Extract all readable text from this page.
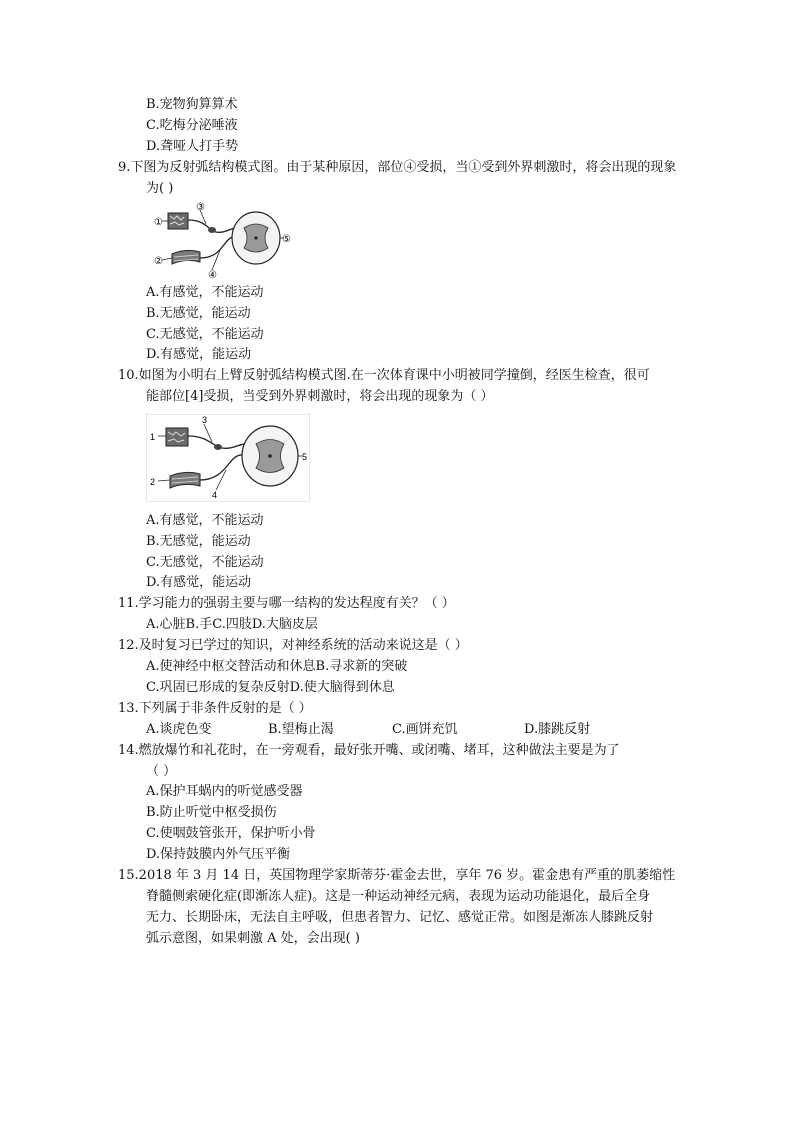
B.宠物狗算算术
C.吃梅分泌唾液
D.聋哑人打手势
9.下图为反射弧结构模式图。由于某种原因，部位④受损，当①受到外界刺激时，将会出现的现象
为( )
①
②
③
④
⑤
A.有感觉，不能运动
B.无感觉，能运动
C.无感觉，不能运动
D.有感觉，能运动
10.如图为小明右上臂反射弧结构模式图.在一次体育课中小明被同学撞倒，经医生检查，很可
能部位[4]受损，当受到外界刺激时，将会出现的现象为（ ）
1
2
3
4
5
A.有感觉，不能运动
B.无感觉，能运动
C.无感觉，不能运动
D.有感觉，能运动
11.学习能力的强弱主要与哪一结构的发达程度有关？（ ）
A.心脏B.手C.四肢D.大脑皮层
12.及时复习已学过的知识，对神经系统的活动来说这是（ ）
A.使神经中枢交替活动和休息B.寻求新的突破
C.巩固已形成的复杂反射D.使大脑得到休息
13.下列属于非条件反射的是（ ）
A.谈虎色变	B.望梅止渴	C.画饼充饥	D.膝跳反射
14.燃放爆竹和礼花时，在一旁观看，最好张开嘴、或闭嘴、堵耳，这种做法主要是为了
（ ）
A.保护耳蜗内的听觉感受器
B.防止听觉中枢受损伤
C.使咽鼓管张开，保护听小骨
D.保持鼓膜内外气压平衡
15.2018 年 3 月 14 日，英国物理学家斯蒂芬·霍金去世，享年 76 岁。霍金患有严重的肌萎缩性
脊髓侧索硬化症(即渐冻人症)。这是一种运动神经元病，表现为运动功能退化，最后全身
无力、长期卧床，无法自主呼吸，但患者智力、记忆、感觉正常。如图是渐冻人膝跳反射
弧示意图，如果刺激 A 处，会出现( )
